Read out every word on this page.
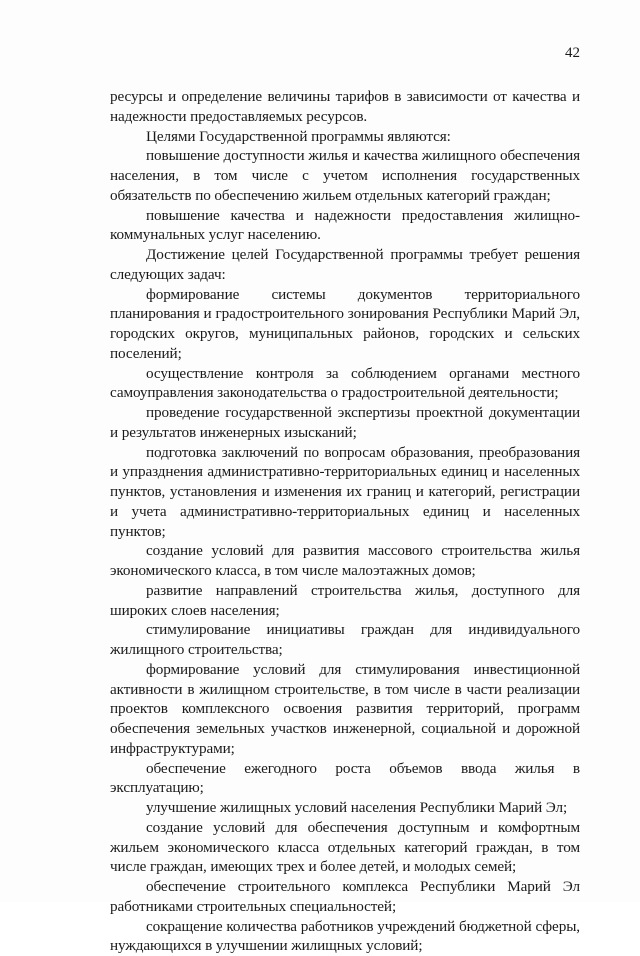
42

ресурсы и определение величины тарифов в зависимости от качества и надежности предоставляемых ресурсов.

Целями Государственной программы являются:

повышение доступности жилья и качества жилищного обеспечения населения, в том числе с учетом исполнения государственных обязательств по обеспечению жильем отдельных категорий граждан;

повышение качества и надежности предоставления жилищно-коммунальных услуг населению.

Достижение целей Государственной программы требует решения следующих задач:

формирование системы документов территориального планирования и градостроительного зонирования Республики Марий Эл, городских округов, муниципальных районов, городских и сельских поселений;

осуществление контроля за соблюдением органами местного самоуправления законодательства о градостроительной деятельности;

проведение государственной экспертизы проектной документации и результатов инженерных изысканий;

подготовка заключений по вопросам образования, преобразования и упразднения административно-территориальных единиц и населенных пунктов, установления и изменения их границ и категорий, регистрации и учета административно-территориальных единиц и населенных пунктов;

создание условий для развития массового строительства жилья экономического класса, в том числе малоэтажных домов;

развитие направлений строительства жилья, доступного для широких слоев населения;

стимулирование инициативы граждан для индивидуального жилищного строительства;

формирование условий для стимулирования инвестиционной активности в жилищном строительстве, в том числе в части реализации проектов комплексного освоения развития территорий, программ обеспечения земельных участков инженерной, социальной и дорожной инфраструктурами;

обеспечение ежегодного роста объемов ввода жилья в эксплуатацию;

улучшение жилищных условий населения Республики Марий Эл;

создание условий для обеспечения доступным и комфортным жильем экономического класса отдельных категорий граждан, в том числе граждан, имеющих трех и более детей, и молодых семей;

обеспечение строительного комплекса Республики Марий Эл работниками строительных специальностей;

сокращение количества работников учреждений бюджетной сферы, нуждающихся в улучшении жилищных условий;
